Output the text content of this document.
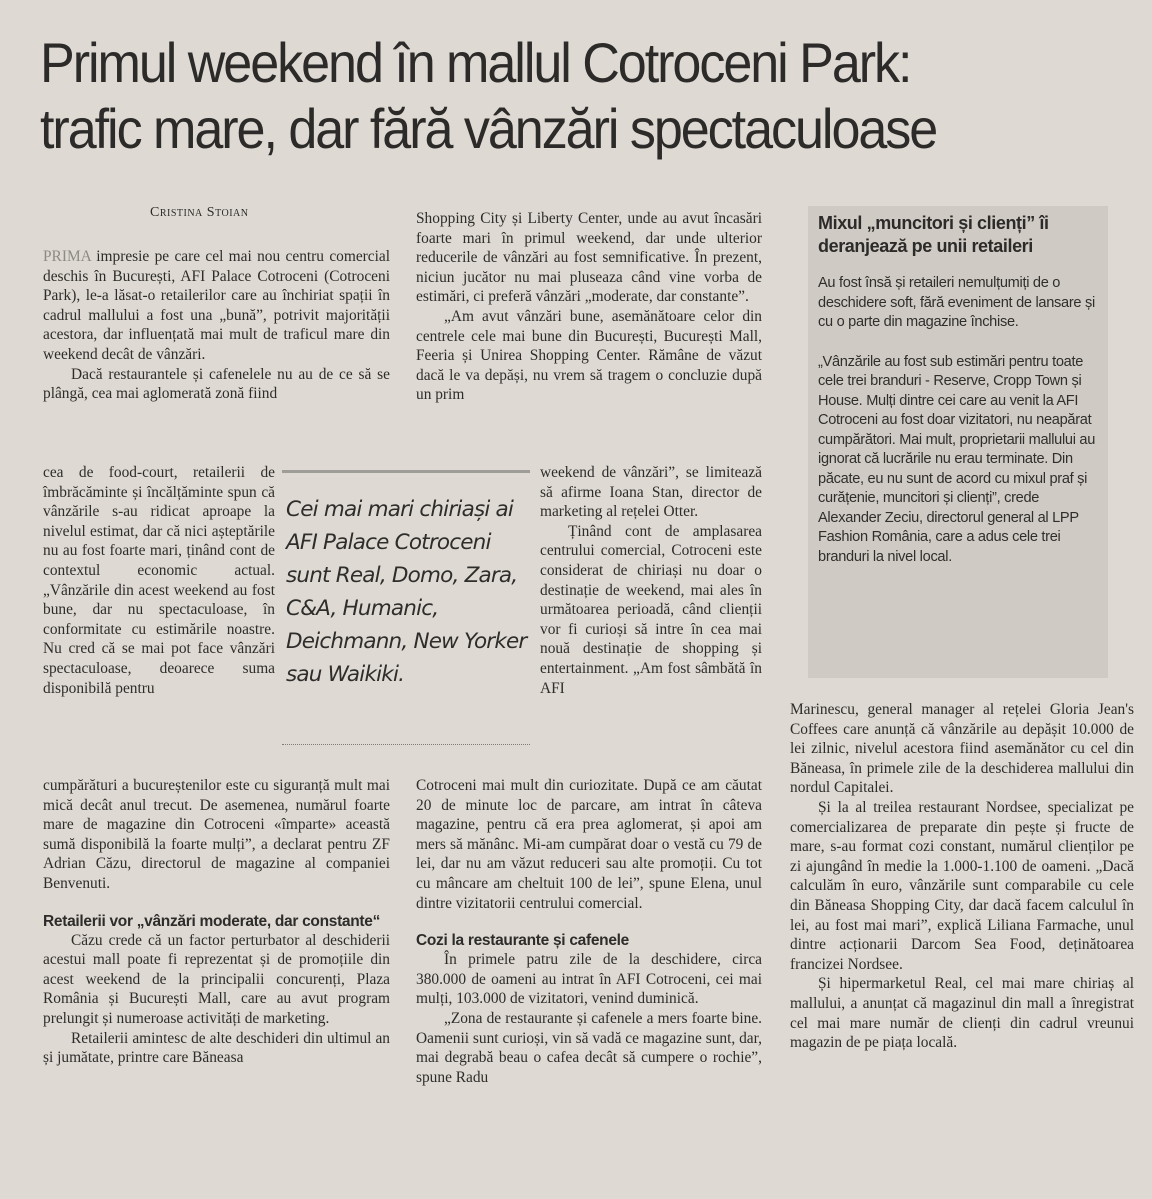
Primul weekend în mallul Cotroceni Park:
trafic mare, dar fără vânzări spectaculoase
Cristina Stoian

PRIMA impresie pe care cel mai nou centru comercial deschis în București, AFI Palace Cotroceni (Cotroceni Park), le-a lăsat-o retailerilor care au închiriat spații în cadrul mallului a fost una „bună”, potrivit majorității acestora, dar influențată mai mult de traficul mare din weekend decât de vânzări.

Dacă restaurantele și cafenelele nu au de ce să se plângă, cea mai aglomerată zonă fiind

cea de food-court, retailerii de îmbrăcăminte și încălțăminte spun că vânzările s-au ridicat aproape la nivelul estimat, dar că nici așteptările nu au fost foarte mari, ținând cont de contextul economic actual. „Vânzările din acest weekend au fost bune, dar nu spectaculoase, în conformitate cu estimările noastre. Nu cred că se mai pot face vânzări spectaculoase, deoarece suma disponibilă pentru

cumpărături a bucureștenilor este cu siguranță mult mai mică decât anul trecut. De asemenea, numărul foarte mare de magazine din Cotroceni «împarte» această sumă disponibilă la foarte mulți”, a declarat pentru ZF Adrian Căzu, directorul de magazine al companiei Benvenuti.

Retailerii vor „vânzări moderate, dar constante“

Căzu crede că un factor perturbator al deschiderii acestui mall poate fi reprezentat și de promoțiile din acest weekend de la principalii concurenți, Plaza România și București Mall, care au avut program prelungit și numeroase activități de marketing.

Retailerii amintesc de alte deschideri din ultimul an și jumătate, printre care Băneasa

Cei mai mari chiriași ai AFI Palace Cotroceni sunt Real, Domo, Zara, C&A, Humanic, Deichmann, New Yorker sau Waikiki.

Shopping City și Liberty Center, unde au avut încasări foarte mari în primul weekend, dar unde ulterior reducerile de vânzări au fost semnificative. În prezent, niciun jucător nu mai pluseaza când vine vorba de estimări, ci preferă vânzări „moderate, dar constante”.

„Am avut vânzări bune, asemănătoare celor din centrele cele mai bune din București, București Mall, Feeria și Unirea Shopping Center. Rămâne de văzut dacă le va depăși, nu vrem să tragem o concluzie după un prim

weekend de vânzări”, se limitează să afirme Ioana Stan, director de marketing al rețelei Otter.

Ținând cont de amplasarea centrului comercial, Cotroceni este considerat de chiriași nu doar o destinație de weekend, mai ales în următoarea perioadă, când clienții vor fi curioși să intre în cea mai nouă destinație de shopping și entertainment. „Am fost sâmbătă în AFI

Cotroceni mai mult din curiozitate. După ce am căutat 20 de minute loc de parcare, am intrat în câteva magazine, pentru că era prea aglomerat, și apoi am mers să mănânc. Mi-am cumpărat doar o vestă cu 79 de lei, dar nu am văzut reduceri sau alte promoții. Cu tot cu mâncare am cheltuit 100 de lei”, spune Elena, unul dintre vizitatorii centrului comercial.

Cozi la restaurante și cafenele

În primele patru zile de la deschidere, circa 380.000 de oameni au intrat în AFI Cotroceni, cei mai mulți, 103.000 de vizitatori, venind duminică.

„Zona de restaurante și cafenele a mers foarte bine. Oamenii sunt curioși, vin să vadă ce magazine sunt, dar, mai degrabă beau o cafea decât să cumpere o rochie”, spune Radu

Mixul „muncitori și clienți” îi deranjează pe unii retaileri

Au fost însă și retaileri nemulțumiți de o deschidere soft, fără eveniment de lansare și cu o parte din magazine închise.

„Vânzările au fost sub estimări pentru toate cele trei branduri - Reserve, Cropp Town și House. Mulți dintre cei care au venit la AFI Cotroceni au fost doar vizitatori, nu neapărat cumpărători. Mai mult, proprietarii mallului au ignorat că lucrările nu erau terminate. Din păcate, eu nu sunt de acord cu mixul praf și curățenie, muncitori și clienți”, crede Alexander Zeciu, directorul general al LPP Fashion România, care a adus cele trei branduri la nivel local.

Marinescu, general manager al rețelei Gloria Jean's Coffees care anunță că vânzările au depășit 10.000 de lei zilnic, nivelul acestora fiind asemănător cu cel din Băneasa, în primele zile de la deschiderea mallului din nordul Capitalei.

Și la al treilea restaurant Nordsee, specializat pe comercializarea de preparate din pește și fructe de mare, s-au format cozi constant, numărul clienților pe zi ajungând în medie la 1.000-1.100 de oameni. „Dacă calculăm în euro, vânzările sunt comparabile cu cele din Băneasa Shopping City, dar dacă facem calculul în lei, au fost mai mari”, explică Liliana Farmache, unul dintre acționarii Darcom Sea Food, deținătoarea francizei Nordsee.

Și hipermarketul Real, cel mai mare chiriaș al mallului, a anunțat că magazinul din mall a înregistrat cel mai mare număr de clienți din cadrul vreunui magazin de pe piața locală.
